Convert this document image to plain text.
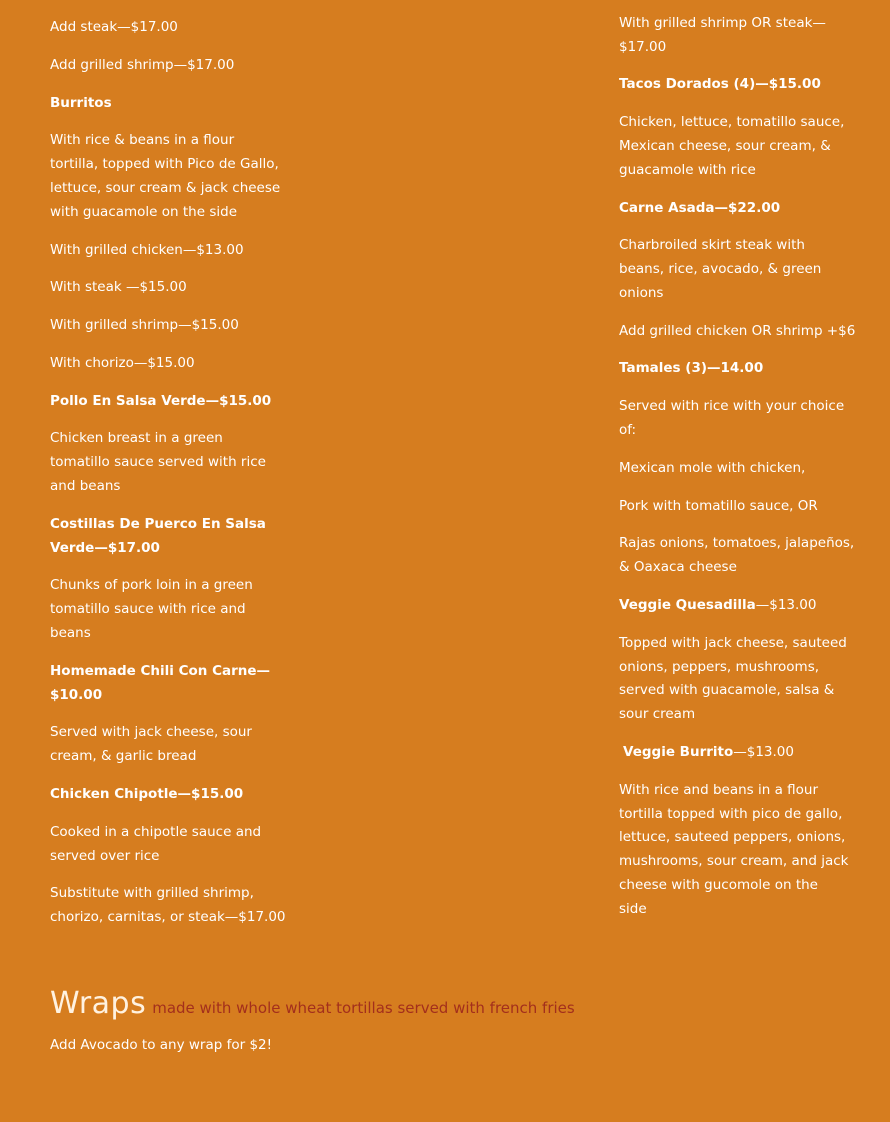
Add steak—$17.00

Add grilled shrimp—$17.00

Burritos

With rice & beans in a flour

tortilla, topped with Pico de Gallo,

lettuce, sour cream & jack cheese

with guacamole on the side

With grilled chicken—$13.00

With steak —$15.00

With grilled shrimp—$15.00

With chorizo—$15.00

Pollo En Salsa Verde—$15.00

Chicken breast in a green

tomatillo sauce served with rice

and beans

Costillas De Puerco En Salsa

Verde—$17.00

Chunks of pork loin in a green

tomatillo sauce with rice and

beans

Homemade Chili Con Carne—

$10.00

Served with jack cheese, sour

cream, & garlic bread

Chicken Chipotle—$15.00

Cooked in a chipotle sauce and

served over rice

Substitute with grilled shrimp,

chorizo, carnitas, or steak—$17.00

With grilled shrimp OR steak—

$17.00

Tacos Dorados (4)—$15.00

Chicken, lettuce, tomatillo sauce,

Mexican cheese, sour cream, &

guacamole with rice

Carne Asada—$22.00

Charbroiled skirt steak with

beans, rice, avocado, & green

onions

Add grilled chicken OR shrimp +$6

Tamales (3)—14.00

Served with rice with your choice

of:

Mexican mole with chicken,

Pork with tomatillo sauce, OR

Rajas onions, tomatoes, jalapeños,

& Oaxaca cheese

Veggie Quesadilla—$13.00

Topped with jack cheese, sauteed

onions, peppers, mushrooms,

served with guacamole, salsa &

sour cream

Veggie Burrito—$13.00

With rice and beans in a flour

tortilla topped with pico de gallo,

lettuce, sauteed peppers, onions,

mushrooms, sour cream, and jack

cheese with gucomole on the

side

Wraps made with whole wheat tortillas served with french fries
Add Avocado to any wrap for $2!
